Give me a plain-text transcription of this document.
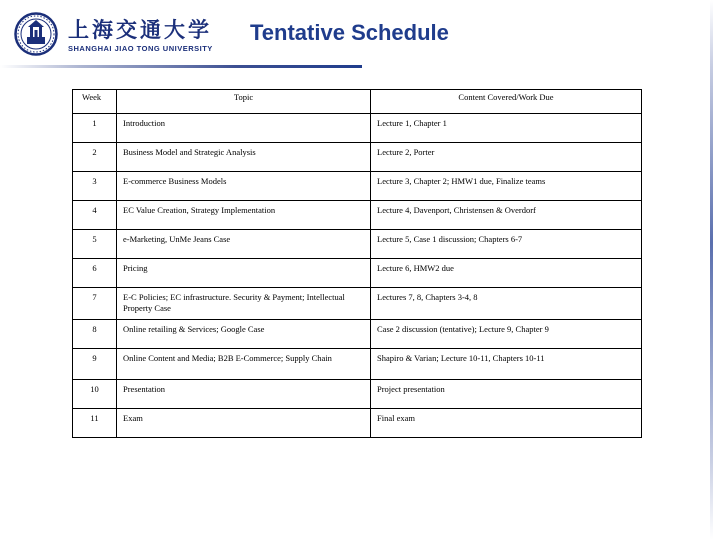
上海交通大学
SHANGHAI JIAO TONG UNIVERSITY
Tentative Schedule
Week	Topic	Content Covered/Work Due
1	Introduction	Lecture 1, Chapter 1
2	Business Model and Strategic Analysis	Lecture 2, Porter
3	E-commerce Business Models	Lecture 3, Chapter 2; HMW1 due, Finalize teams
4	EC Value Creation, Strategy Implementation	Lecture 4, Davenport, Christensen & Overdorf
5	e-Marketing, UnMe Jeans Case	Lecture 5, Case 1 discussion; Chapters 6-7
6	Pricing	Lecture 6, HMW2 due
7	E-C Policies; EC infrastructure. Security & Payment; Intellectual Property Case	Lectures 7, 8, Chapters 3-4, 8
8	Online retailing & Services; Google Case	Case 2 discussion (tentative); Lecture 9, Chapter 9
9	Online Content and Media; B2B E-Commerce; Supply Chain	Shapiro & Varian; Lecture 10-11, Chapters 10-11
10	Presentation	Project presentation
11	Exam	Final exam
